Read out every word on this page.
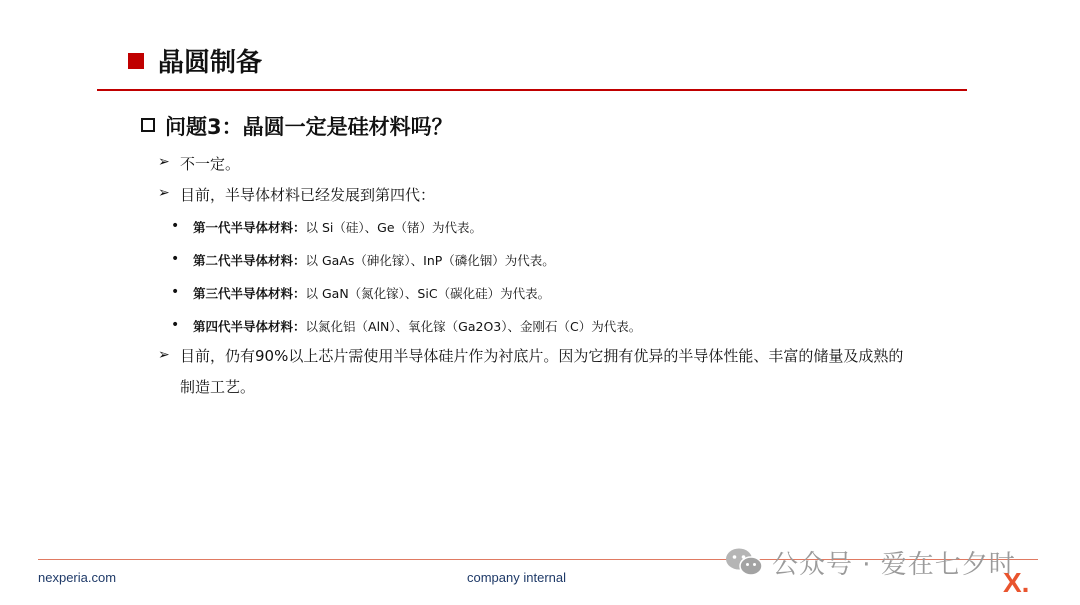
晶圆制备
问题3：晶圆一定是硅材料吗？
➢ 不一定。
➢ 目前，半导体材料已经发展到第四代：
• 第一代半导体材料：以 Si（硅）、Ge（锗）为代表。
• 第二代半导体材料：以 GaAs（砷化镓）、InP（磷化铟）为代表。
• 第三代半导体材料：以 GaN（氮化镓）、SiC（碳化硅）为代表。
• 第四代半导体材料：以氮化铝（AlN）、氧化镓（Ga2O3）、金刚石（C）为代表。
➢ 目前，仍有90%以上芯片需使用半导体硅片作为衬底片。因为它拥有优异的半导体性能、丰富的储量及成熟的
制造工艺。
nexperia.com	company internal	公众号 · 爱在七夕时
X.
